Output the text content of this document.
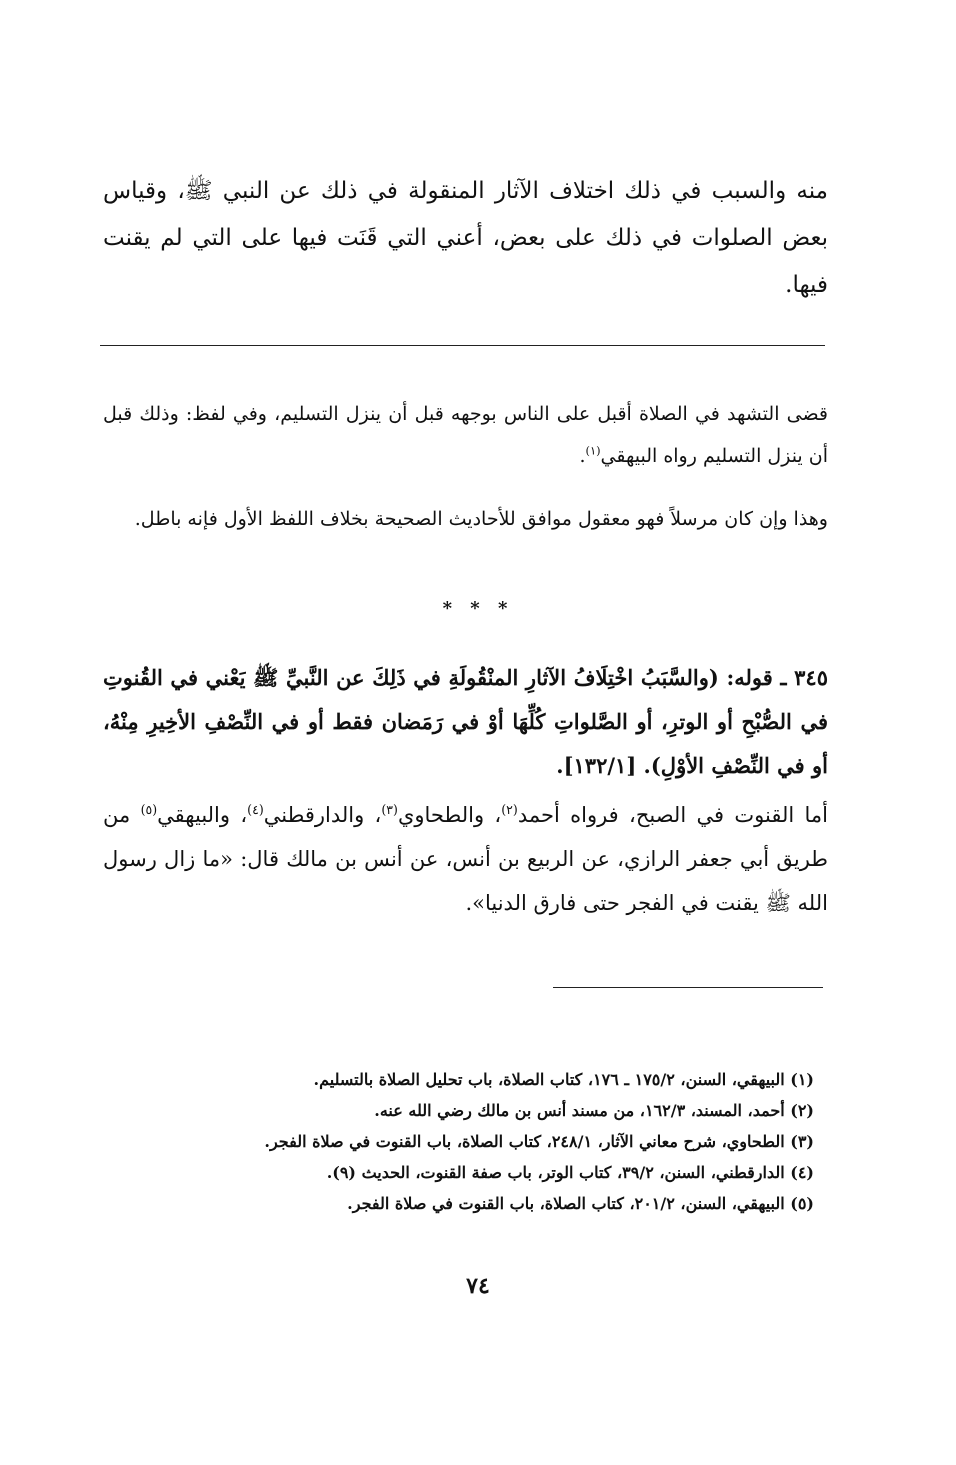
منه والسبب في ذلك اختلاف الآثار المنقولة في ذلك عن النبي ﷺ، وقياس بعض الصلوات في ذلك على بعض، أعني التي قَنَت فيها على التي لم يقنت فيها.

قضى التشهد في الصلاة أقبل على الناس بوجهه قبل أن ينزل التسليم، وفي لفظ: وذلك قبل أن ينزل التسليم رواه البيهقي$^{(١)}$.

وهذا وإن كان مرسلاً فهو معقول موافق للأحاديث الصحيحة بخلاف اللفظ الأول فإنه باطل.

* * *

٣٤٥ ـ قوله: (والسَّبَبُ اخْتِلَافُ الآثارِ المنْقُولَةِ في ذَلِكَ عن النَّبيِّ ﷺ يَعْني في القُنوتِ في الصُّبْحِ أو الوترِ، أو الصَّلواتِ كُلِّهَا أوْ في رَمَضان فقط أو في النِّصْفِ الأخِيرِ مِنْهُ، أو في النِّصْفِ الأوْلِ). [١٣٢/١].

أما القنوت في الصبح، فرواه أحمد$^{(٢)}$، والطحاوي$^{(٣)}$، والدارقطني$^{(٤)}$، والبيهقي$^{(٥)}$ من طريق أبي جعفر الرازي، عن الربيع بن أنس، عن أنس بن مالك قال: «ما زال رسول الله ﷺ يقنت في الفجر حتى فارق الدنيا».

(١) البيهقي، السنن، ١٧٥/٢ ـ ١٧٦، كتاب الصلاة، باب تحليل الصلاة بالتسليم.
(٢) أحمد، المسند، ١٦٢/٣، من مسند أنس بن مالك رضي الله عنه.
(٣) الطحاوي، شرح معاني الآثار، ٢٤٨/١، كتاب الصلاة، باب القنوت في صلاة الفجر.
(٤) الدارقطني، السنن، ٣٩/٢، كتاب الوتر، باب صفة القنوت، الحديث (٩).
(٥) البيهقي، السنن، ٢٠١/٢، كتاب الصلاة، باب القنوت في صلاة الفجر.
٧٤
